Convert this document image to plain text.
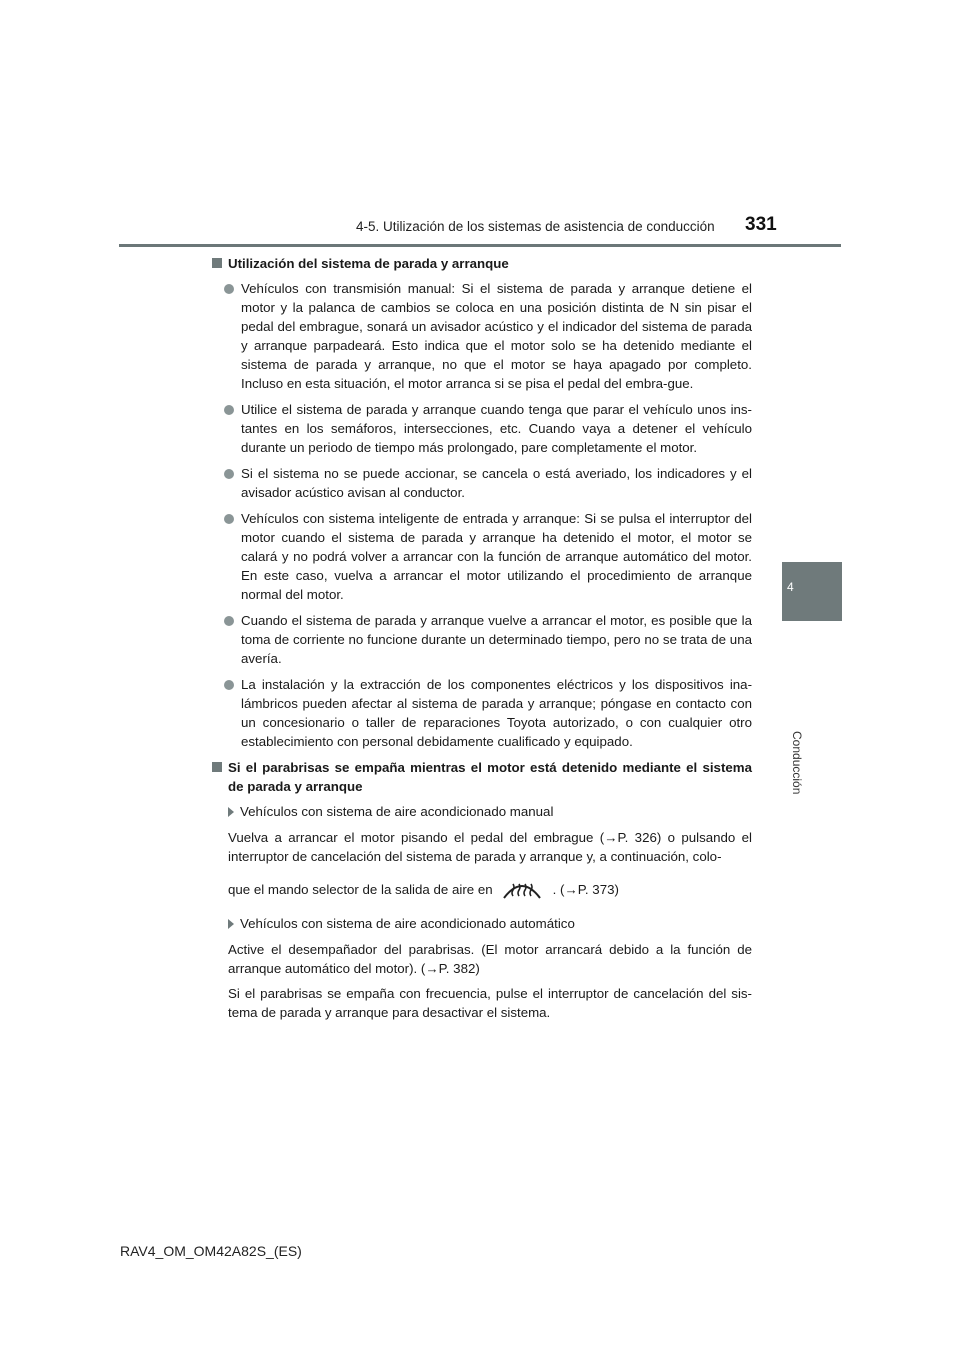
4-5. Utilización de los sistemas de asistencia de conducción 331
4
Conducción
Utilización del sistema de parada y arranque
Vehículos con transmisión manual: Si el sistema de parada y arranque detiene el motor y la palanca de cambios se coloca en una posición distinta de N sin pisar el pedal del embrague, sonará un avisador acústico y el indicador del sistema de parada y arranque parpadeará. Esto indica que el motor solo se ha detenido mediante el sistema de parada y arranque, no que el motor se haya apagado por completo. Incluso en esta situación, el motor arranca si se pisa el pedal del embra-gue.
Utilice el sistema de parada y arranque cuando tenga que parar el vehículo unos ins-tantes en los semáforos, intersecciones, etc. Cuando vaya a detener el vehículo durante un periodo de tiempo más prolongado, pare completamente el motor.
Si el sistema no se puede accionar, se cancela o está averiado, los indicadores y el avisador acústico avisan al conductor.
Vehículos con sistema inteligente de entrada y arranque: Si se pulsa el interruptor del motor cuando el sistema de parada y arranque ha detenido el motor, el motor se calará y no podrá volver a arrancar con la función de arranque automático del motor. En este caso, vuelva a arrancar el motor utilizando el procedimiento de arranque normal del motor.
Cuando el sistema de parada y arranque vuelve a arrancar el motor, es posible que la toma de corriente no funcione durante un determinado tiempo, pero no se trata de una avería.
La instalación y la extracción de los componentes eléctricos y los dispositivos ina-lámbricos pueden afectar al sistema de parada y arranque; póngase en contacto con un concesionario o taller de reparaciones Toyota autorizado, o con cualquier otro establecimiento con personal debidamente cualificado y equipado.
Si el parabrisas se empaña mientras el motor está detenido mediante el sistema de parada y arranque
Vehículos con sistema de aire acondicionado manual
Vuelva a arrancar el motor pisando el pedal del embrague (→P. 326) o pulsando el interruptor de cancelación del sistema de parada y arranque y, a continuación, colo-
que el mando selector de la salida de aire en	. (→P. 373)
Vehículos con sistema de aire acondicionado automático
Active el desempañador del parabrisas. (El motor arrancará debido a la función de arranque automático del motor). (→P. 382)
Si el parabrisas se empaña con frecuencia, pulse el interruptor de cancelación del sis-tema de parada y arranque para desactivar el sistema.
RAV4_OM_OM42A82S_(ES)
